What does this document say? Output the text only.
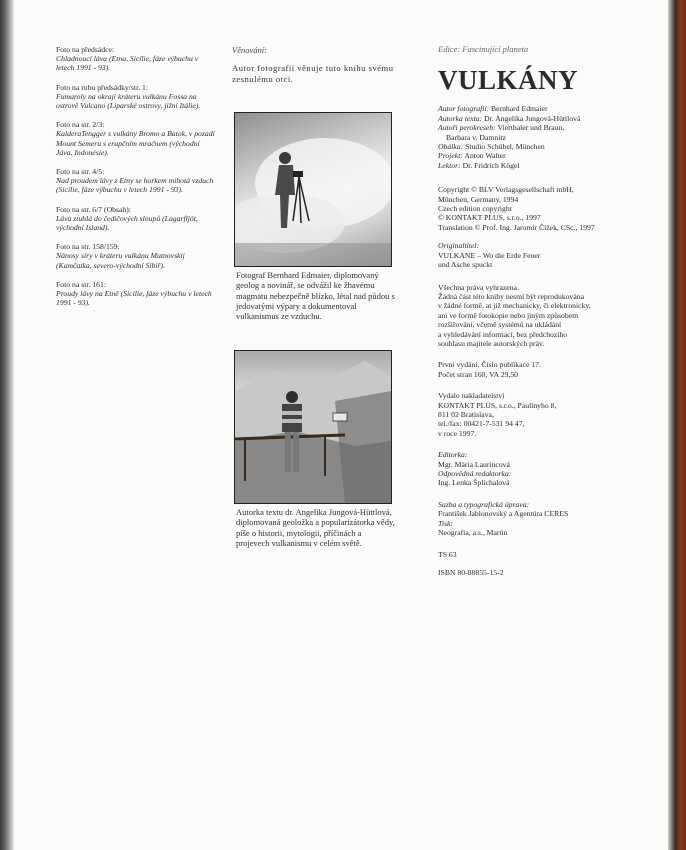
Foto na předsádce:
Chladnoucí láva (Etna, Sicílie, fáze výbuchu v letech 1991 - 93).
Foto na rubu předsádky/str. 1:
Fumaroly na okraji kráteru vulkánu Fossa na ostrově Vulcano (Liparské ostrovy, jižní Itálie).
Foto na str. 2/3:
KalderaTengger s vulkány Bromo a Batok, v pozadí Mount Semeru s erupčním mračnem (východní Jáva, Indonésie).
Foto na str. 4/5:
Nad proudem lávy z Etny se horkem mihotá vzduch (Sicílie, fáze výbuchu v letech 1991 - 93).
Foto na str. 6/7 (Obsah):
Láva ztuhlá do čedičových sloupů (Lagarfljót, východní Island).
Foto na str. 158/159:
Nánosy síry v kráteru vulkánu Mutnovskij (Kamčatka, severo-východní Sibiř).
Foto na str. 161:
Proudy lávy na Etně (Sicílie, fáze výbuchu v letech 1991 - 93).
Věnování:
Autor fotografií věnuje tuto knihu svému zesnulému otci.
Fotograf Bernhard Edmaier, diplomovaný geolog a novinář, se odvážil ke žhavému magmatu nebezpečně blízko, létal nad půdou s jedovatými výpary a dokumentoval vulkanismus ze vzduchu.
Autorka textu dr. Angelika Jungová-Hüttlová, diplomovaná geoložka a popularizátorka vědy, píše o historii, mytologii, příčinách a projevech vulkanismu v celém světě.
Edice: Fascinující planeta
VULKÁNY
Autor fotografií: Bernhard Edmaier
Autorka textu: Dr. Angelika Jungová-Hüttlová
Autoři perokreseb: Vierthaler und Braun,
Barbara v. Damnitz
Obálka: Studio Schübel, München
Projekt: Anton Walter
Lektor: Dr. Fridrich Kögel
Copyright © BLV Verlagsgesellschaft mbH,
München, Germany, 1994
Czech edition copyright
© KONTAKT PLUS, s.r.o., 1997
Translation © Prof. Ing. Jaromír Čížek, CSc., 1997
Originaltitel:
VULKANE – Wo die Erde Feuer
und Asche spuckt
Všechna práva vyhrazena.
Žádná část této knihy nesmí být reprodukována
v žádné formě, at již mechanicky, či elektronicky,
ani ve formě fotokopie nebo jiným způsobem
rozšiřování, včetně systémů na ukládání
a vyhledávání informací, bez předchozího
souhlasu majitele autorských práv.
První vydání. Číslo publikace 17.
Počet stran 160, VA 29,50
Vydalo nakladatelství
KONTAKT PLUS, s.r.o., Paulínyho 8,
811 02 Bratislava,
tel./fax: 00421-7-531 94 47,
v roce 1997.
Editorka:
Mgr. Mária Laurincová
Odpovědná redaktorka:
Ing. Lenka Šplíchalová
Sazba a typografická úprava:
František Jablonovský a Agentúra CERES
Tisk:
Neografia, a.s., Martin
TS 63
ISBN 80-88855-15-2
